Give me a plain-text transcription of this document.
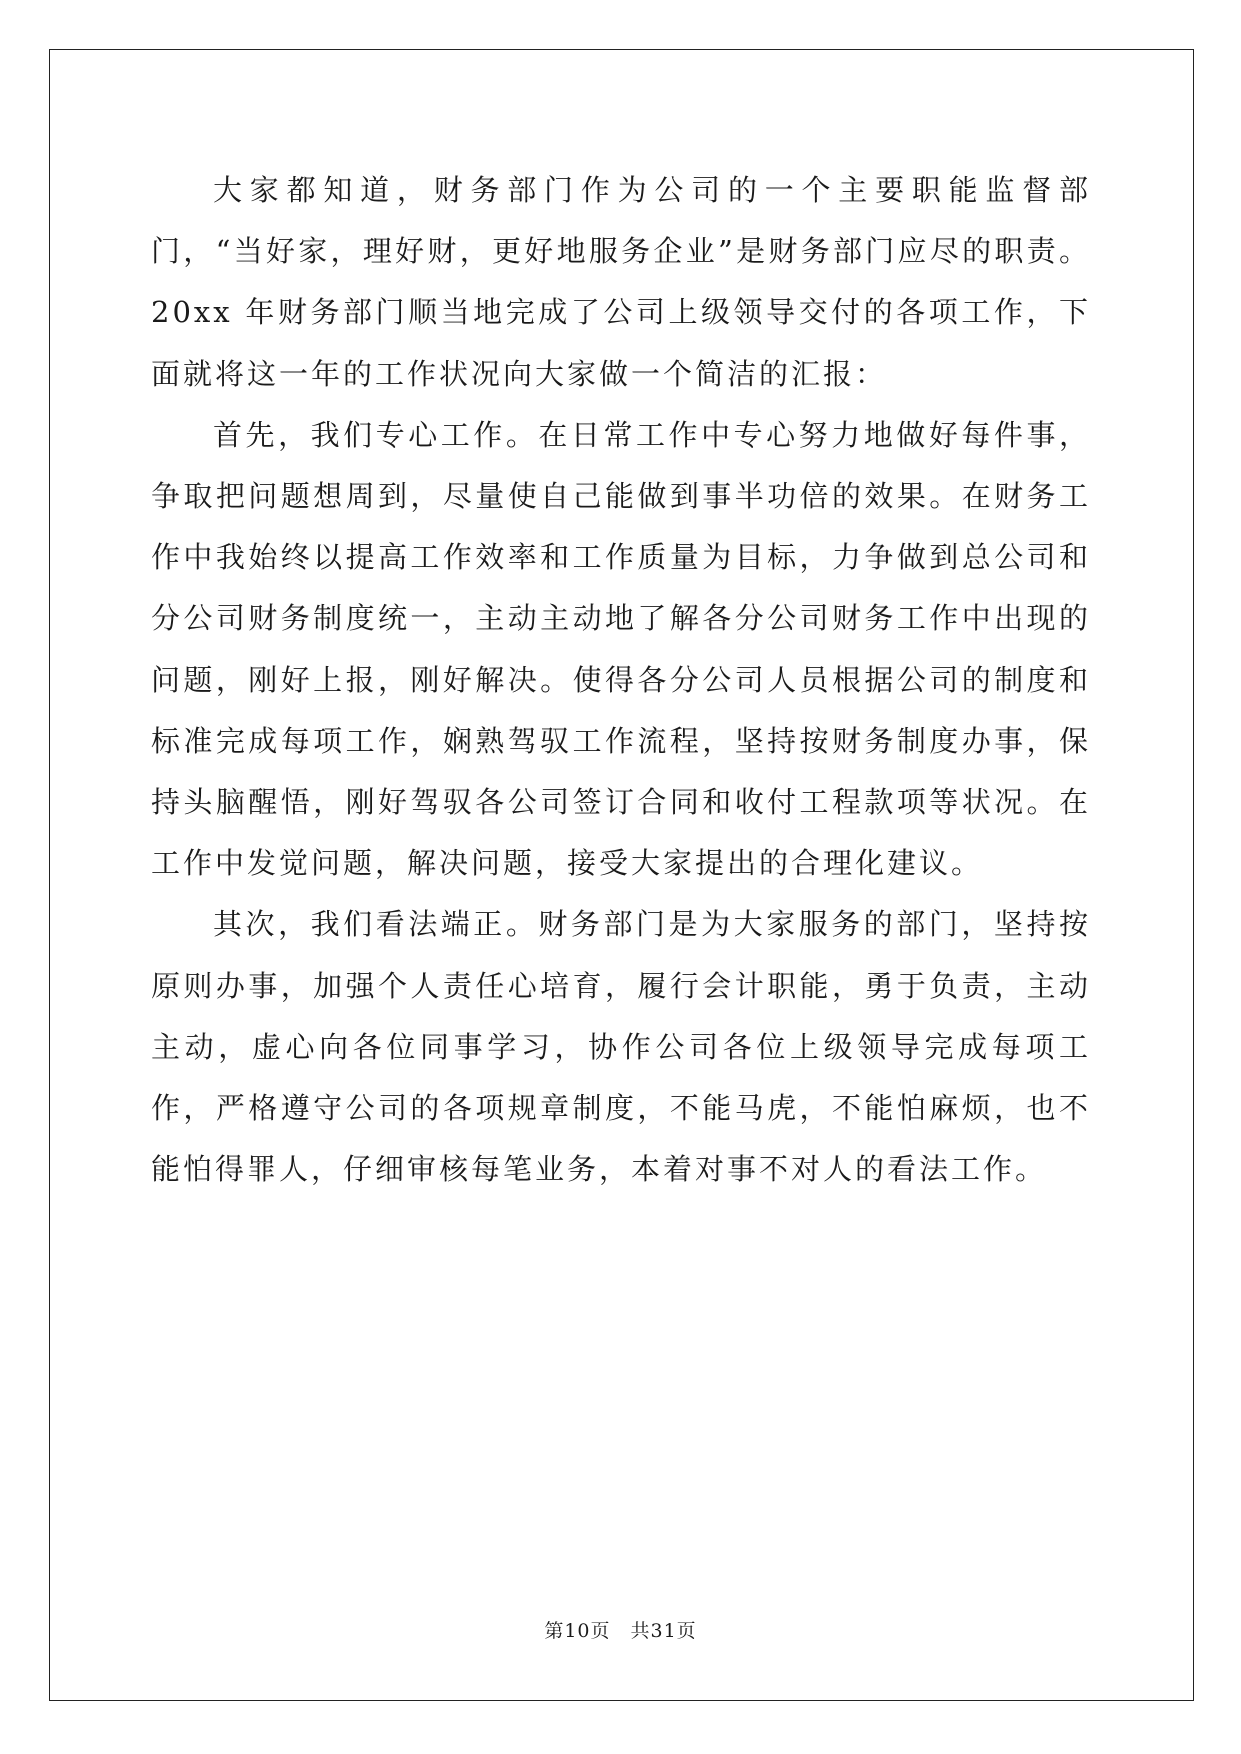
大家都知道，财务部门作为公司的一个主要职能监督部门，“当好家，理好财，更好地服务企业”是财务部门应尽的职责。20xx 年财务部门顺当地完成了公司上级领导交付的各项工作，下面就将这一年的工作状况向大家做一个简洁的汇报：

首先，我们专心工作。在日常工作中专心努力地做好每件事，争取把问题想周到，尽量使自己能做到事半功倍的效果。在财务工作中我始终以提高工作效率和工作质量为目标，力争做到总公司和分公司财务制度统一，主动主动地了解各分公司财务工作中出现的问题，刚好上报，刚好解决。使得各分公司人员根据公司的制度和标准完成每项工作，娴熟驾驭工作流程，坚持按财务制度办事，保持头脑醒悟，刚好驾驭各公司签订合同和收付工程款项等状况。在工作中发觉问题，解决问题，接受大家提出的合理化建议。

其次，我们看法端正。财务部门是为大家服务的部门，坚持按原则办事，加强个人责任心培育，履行会计职能，勇于负责，主动主动，虚心向各位同事学习，协作公司各位上级领导完成每项工作，严格遵守公司的各项规章制度，不能马虎，不能怕麻烦，也不能怕得罪人，仔细审核每笔业务，本着对事不对人的看法工作。

第10页　共31页
